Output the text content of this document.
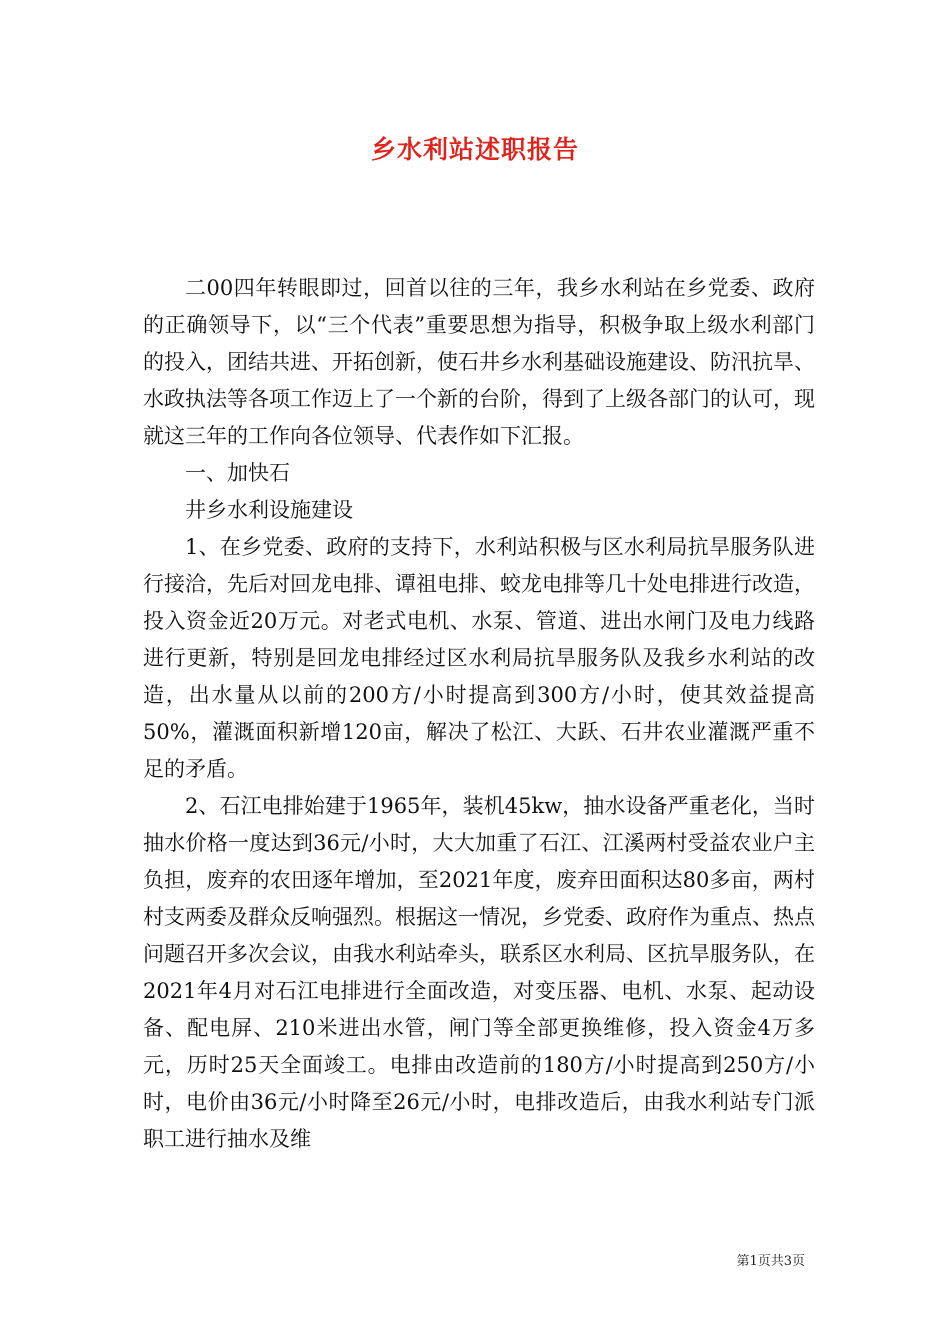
乡水利站述职报告

二00四年转眼即过，回首以往的三年，我乡水利站在乡党委、政府的正确领导下，以“三个代表”重要思想为指导，积极争取上级水利部门的投入，团结共进、开拓创新，使石井乡水利基础设施建设、防汛抗旱、水政执法等各项工作迈上了一个新的台阶，得到了上级各部门的认可，现就这三年的工作向各位领导、代表作如下汇报。

一、加快石

井乡水利设施建设

1、在乡党委、政府的支持下，水利站积极与区水利局抗旱服务队进行接洽，先后对回龙电排、谭祖电排、蛟龙电排等几十处电排进行改造，投入资金近20万元。对老式电机、水泵、管道、进出水闸门及电力线路进行更新，特别是回龙电排经过区水利局抗旱服务队及我乡水利站的改造，出水量从以前的200方/小时提高到300方/小时，使其效益提高50%，灌溉面积新增120亩，解决了松江、大跃、石井农业灌溉严重不足的矛盾。

2、石江电排始建于1965年，装机45kw，抽水设备严重老化，当时抽水价格一度达到36元/小时，大大加重了石江、江溪两村受益农业户主负担，废弃的农田逐年增加，至2021年度，废弃田面积达80多亩，两村村支两委及群众反响强烈。根据这一情况，乡党委、政府作为重点、热点问题召开多次会议，由我水利站牵头，联系区水利局、区抗旱服务队，在2021年4月对石江电排进行全面改造，对变压器、电机、水泵、起动设备、配电屏、210米进出水管，闸门等全部更换维修，投入资金4万多元，历时25天全面竣工。电排由改造前的180方/小时提高到250方/小时，电价由36元/小时降至26元/小时，电排改造后，由我水利站专门派职工进行抽水及维

第1页共3页
